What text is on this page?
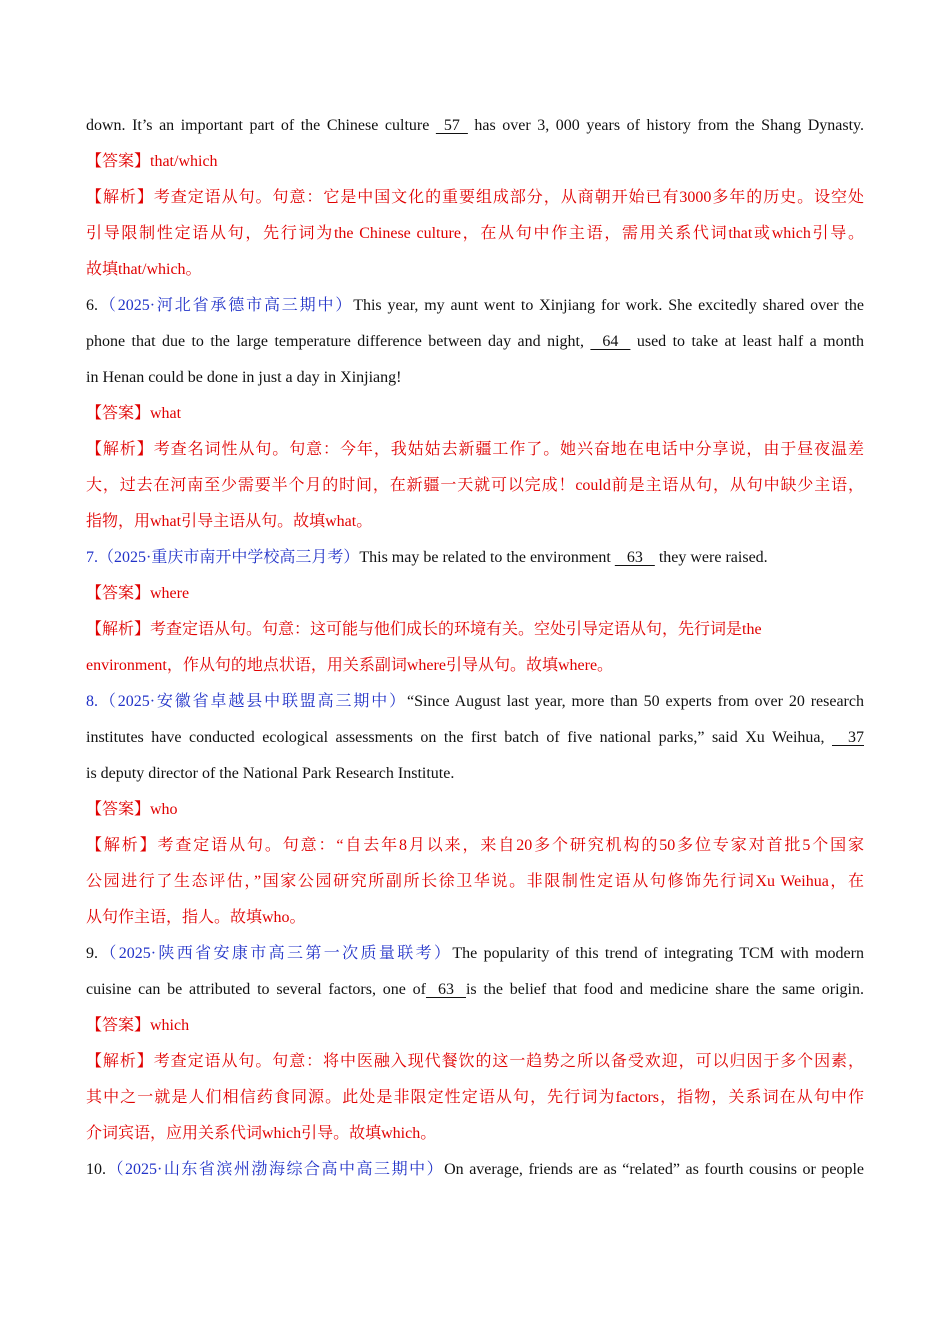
down. It’s an important part of the Chinese culture   57   has over 3, 000 years of history from the Shang Dynasty.

【答案】that/which

【解析】考查定语从句。句意：它是中国文化的重要组成部分，从商朝开始已有3000多年的历史。设空处

引导限制性定语从句，先行词为the Chinese culture，在从句中作主语，需用关系代词that或which引导。

故填that/which。

6.（2025·河北省承德市高三期中）This year, my aunt went to Xinjiang for work. She excitedly shared over the

phone that due to the large temperature difference between day and night,    64    used to take at least half a month

in Henan could be done in just a day in Xinjiang!

【答案】what

【解析】考查名词性从句。句意：今年，我姑姑去新疆工作了。她兴奋地在电话中分享说，由于昼夜温差

大，过去在河南至少需要半个月的时间，在新疆一天就可以完成！could前是主语从句，从句中缺少主语，

指物，用what引导主语从句。故填what。

7.（2025·重庆市南开中学校高三月考）This may be related to the environment    63    they were raised.

【答案】where

【解析】考查定语从句。句意：这可能与他们成长的环境有关。空处引导定语从句，先行词是the

environment，作从句的地点状语，用关系副词where引导从句。故填where。

8.（2025·安徽省卓越县中联盟高三期中）“Since August last year, more than 50 experts from over 20 research

institutes have conducted ecological assessments on the first batch of five national parks,” said Xu Weihua,     37

is deputy director of the National Park Research Institute.

【答案】who

【解析】考查定语从句。句意：“自去年8月以来，来自20多个研究机构的50多位专家对首批5个国家

公园进行了生态评估，”国家公园研究所副所长徐卫华说。非限制性定语从句修饰先行词Xu Weihua，在

从句作主语，指人。故填who。

9.（2025·陕西省安康市高三第一次质量联考）The popularity of this trend of integrating TCM with modern

cuisine can be attributed to several factors, one of   63   is the belief that food and medicine share the same origin.

【答案】which

【解析】考查定语从句。句意：将中医融入现代餐饮的这一趋势之所以备受欢迎，可以归因于多个因素，

其中之一就是人们相信药食同源。此处是非限定性定语从句，先行词为factors，指物，关系词在从句中作

介词宾语，应用关系代词which引导。故填which。

10.（2025·山东省滨州渤海综合高中高三期中）On average, friends are as “related” as fourth cousins or people
